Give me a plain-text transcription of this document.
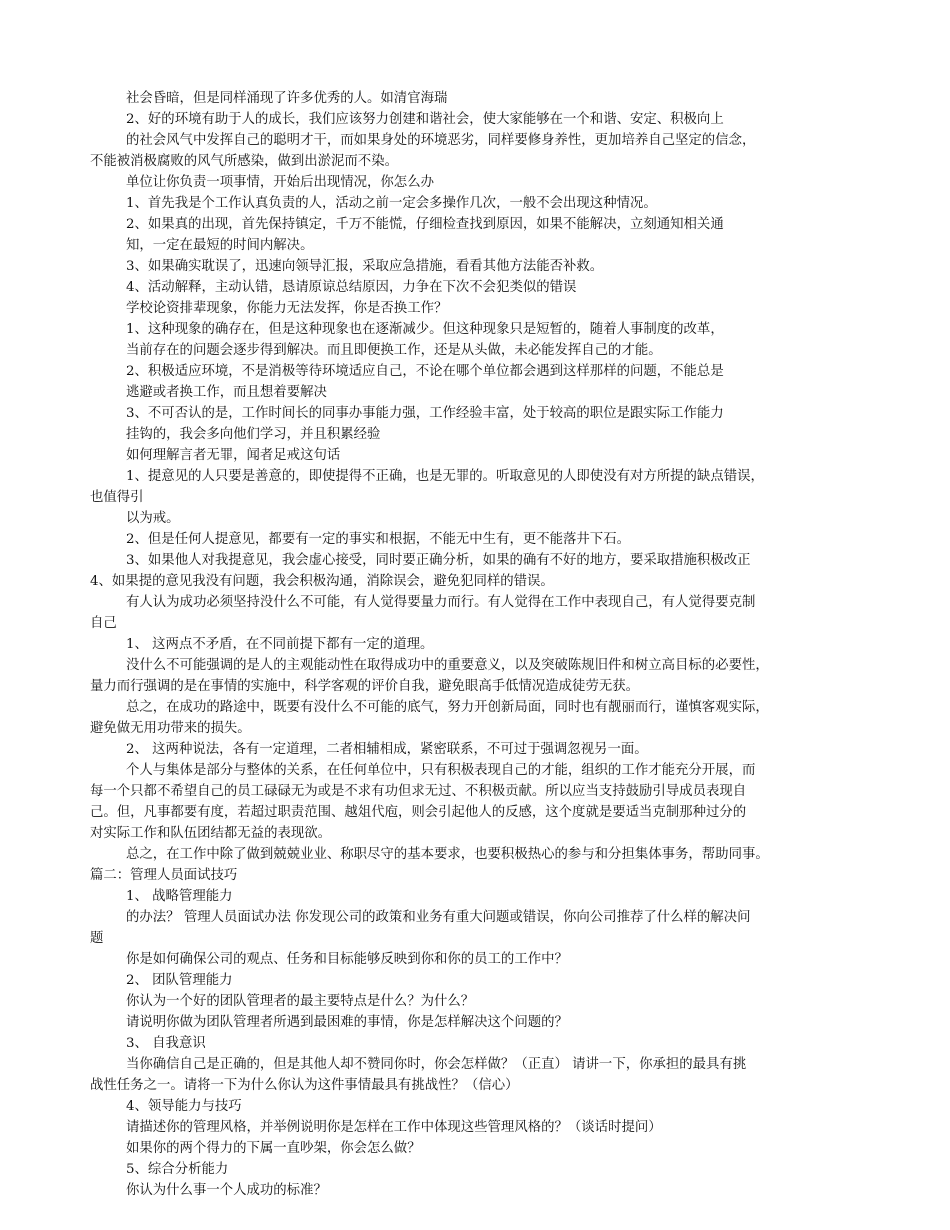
社会昏暗，但是同样涌现了许多优秀的人。如清官海瑞
2、好的环境有助于人的成长，我们应该努力创建和谐社会，使大家能够在一个和谐、安定、积极向上
的社会风气中发挥自己的聪明才干，而如果身处的环境恶劣，同样要修身养性，更加培养自己坚定的信念，
不能被消极腐败的风气所感染，做到出淤泥而不染。
单位让你负责一项事情，开始后出现情况，你怎么办
1、首先我是个工作认真负责的人，活动之前一定会多操作几次，一般不会出现这种情况。
2、如果真的出现，首先保持镇定，千万不能慌，仔细检查找到原因，如果不能解决，立刻通知相关通
知，一定在最短的时间内解决。
3、如果确实耽误了，迅速向领导汇报，采取应急措施，看看其他方法能否补救。
4、活动解释，主动认错，恳请原谅总结原因，力争在下次不会犯类似的错误
学校论资排辈现象，你能力无法发挥，你是否换工作？
1、这种现象的确存在，但是这种现象也在逐渐减少。但这种现象只是短暂的，随着人事制度的改革，
当前存在的问题会逐步得到解决。而且即便换工作，还是从头做，未必能发挥自己的才能。
2、积极适应环境，不是消极等待环境适应自己，不论在哪个单位都会遇到这样那样的问题，不能总是
逃避或者换工作，而且想着要解决
3、不可否认的是，工作时间长的同事办事能力强，工作经验丰富，处于较高的职位是跟实际工作能力
挂钩的，我会多向他们学习，并且积累经验
如何理解言者无罪，闻者足戒这句话
1、提意见的人只要是善意的，即使提得不正确，也是无罪的。听取意见的人即使没有对方所提的缺点错误，
也值得引
以为戒。
2、但是任何人提意见，都要有一定的事实和根据，不能无中生有，更不能落井下石。
3、如果他人对我提意见，我会虚心接受，同时要正确分析，如果的确有不好的地方，要采取措施积极改正
4、如果提的意见我没有问题，我会积极沟通，消除误会，避免犯同样的错误。
有人认为成功必须坚持没什么不可能，有人觉得要量力而行。有人觉得在工作中表现自己，有人觉得要克制
自己
1、 这两点不矛盾，在不同前提下都有一定的道理。
没什么不可能强调的是人的主观能动性在取得成功中的重要意义，以及突破陈规旧件和树立高目标的必要性，
量力而行强调的是在事情的实施中，科学客观的评价自我，避免眼高手低情况造成徒劳无获。
总之，在成功的路途中，既要有没什么不可能的底气，努力开创新局面，同时也有靓丽而行，谨慎客观实际，
避免做无用功带来的损失。
2、 这两种说法，各有一定道理，二者相辅相成，紧密联系，不可过于强调忽视另一面。
个人与集体是部分与整体的关系，在任何单位中，只有积极表现自己的才能，组织的工作才能充分开展，而
每一个只都不希望自己的员工碌碌无为或是不求有功但求无过、不积极贡献。所以应当支持鼓励引导成员表现自
己。但，凡事都要有度，若超过职责范围、越俎代庖，则会引起他人的反感，这个度就是要适当克制那种过分的
对实际工作和队伍团结都无益的表现欲。
总之，在工作中除了做到兢兢业业、称职尽守的基本要求，也要积极热心的参与和分担集体事务，帮助同事。
篇二：管理人员面试技巧
1、 战略管理能力
的办法？ 管理人员面试办法 你发现公司的政策和业务有重大问题或错误，你向公司推荐了什么样的解决问
题
你是如何确保公司的观点、任务和目标能够反映到你和你的员工的工作中？
2、 团队管理能力
你认为一个好的团队管理者的最主要特点是什么？为什么？
请说明你做为团队管理者所遇到最困难的事情，你是怎样解决这个问题的？
3、 自我意识
当你确信自己是正确的，但是其他人却不赞同你时，你会怎样做？（正直） 请讲一下，你承担的最具有挑
战性任务之一。请将一下为什么你认为这件事情最具有挑战性？（信心）
4、领导能力与技巧
请描述你的管理风格，并举例说明你是怎样在工作中体现这些管理风格的？（谈话时提问）
如果你的两个得力的下属一直吵架，你会怎么做？
5、综合分析能力
你认为什么事一个人成功的标准？
